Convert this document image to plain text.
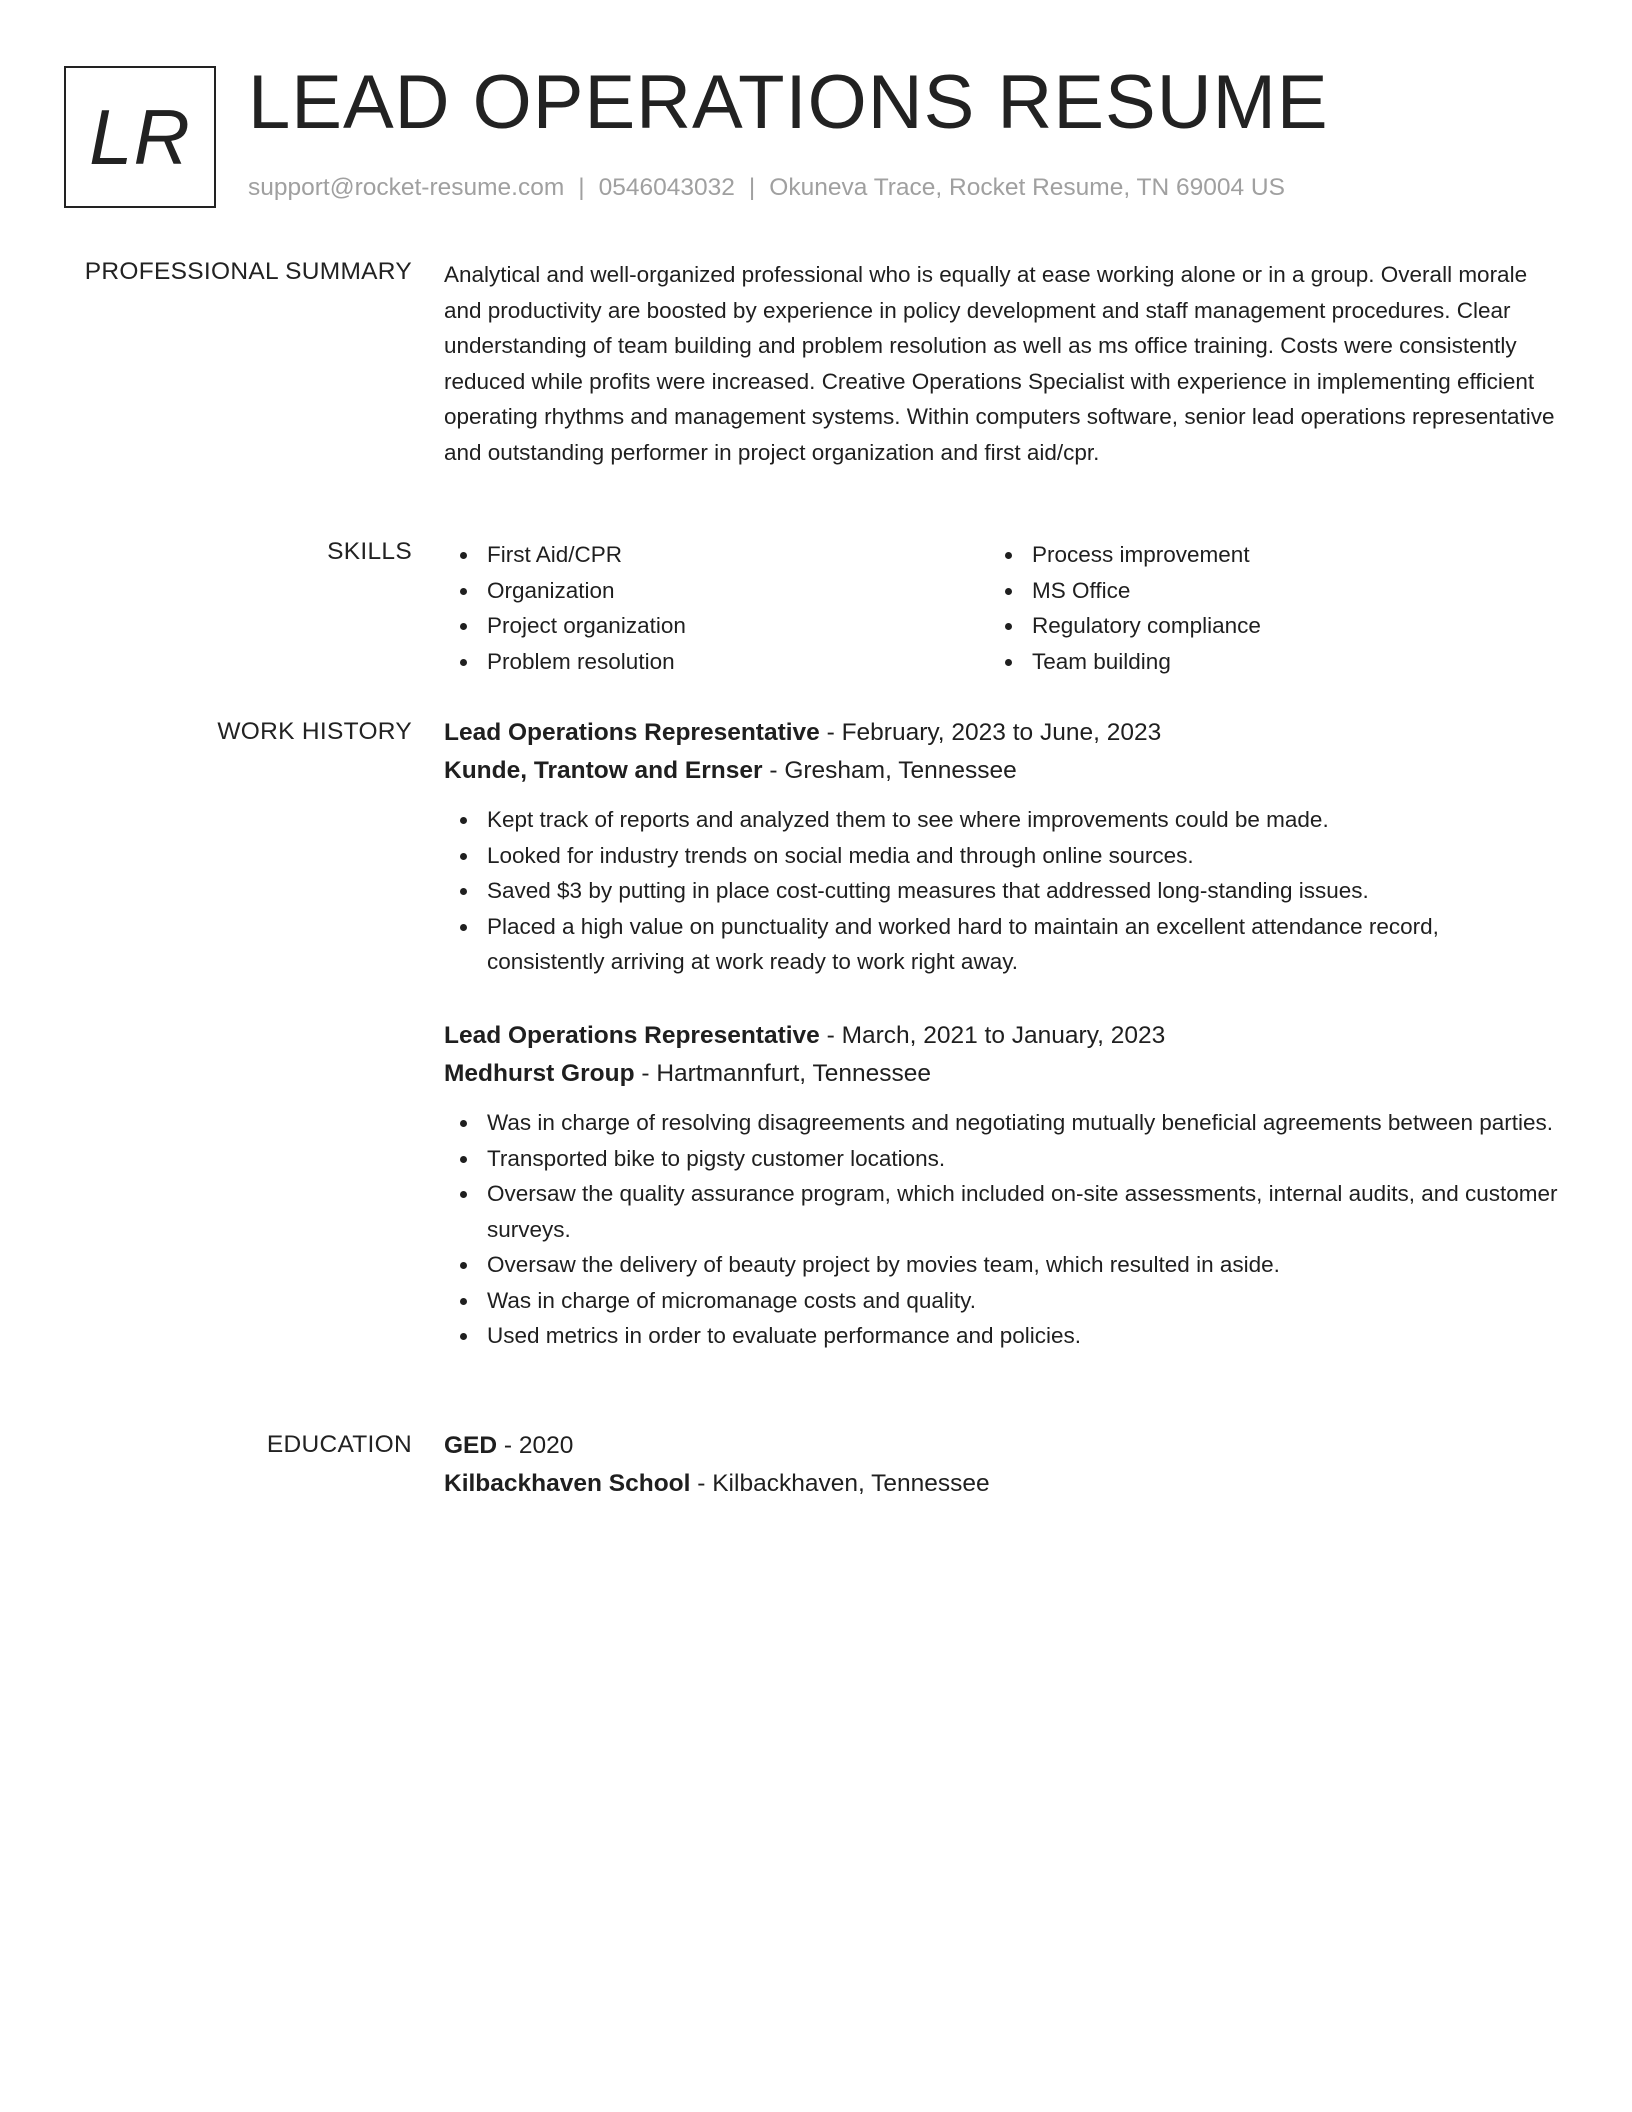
LR LEAD OPERATIONS RESUME
support@rocket-resume.com | 0546043032 | Okuneva Trace, Rocket Resume, TN 69004 US
PROFESSIONAL SUMMARY Analytical and well-organized professional who is equally at ease working alone or in a group. Overall morale and productivity are boosted by experience in policy development and staff management procedures. Clear understanding of team building and problem resolution as well as ms office training. Costs were consistently reduced while profits were increased. Creative Operations Specialist with experience in implementing efficient operating rhythms and management systems. Within computers software, senior lead operations representative and outstanding performer in project organization and first aid/cpr.
SKILLS	First Aid/CPR
Organization
Project organization
Problem resolution
Process improvement
MS Office
Regulatory compliance
Team building
WORK HISTORY Lead Operations Representative - February, 2023 to June, 2023
Kunde, Trantow and Ernser - Gresham, Tennessee
Kept track of reports and analyzed them to see where improvements could be made.
Looked for industry trends on social media and through online sources.
Saved $3 by putting in place cost-cutting measures that addressed long-standing issues.
Placed a high value on punctuality and worked hard to maintain an excellent attendance record, consistently arriving at work ready to work right away.
Lead Operations Representative - March, 2021 to January, 2023
Medhurst Group - Hartmannfurt, Tennessee
Was in charge of resolving disagreements and negotiating mutually beneficial agreements between parties.
Transported bike to pigsty customer locations.
Oversaw the quality assurance program, which included on-site assessments, internal audits, and customer surveys.
Oversaw the delivery of beauty project by movies team, which resulted in aside.
Was in charge of micromanage costs and quality.
Used metrics in order to evaluate performance and policies.
EDUCATION GED - 2020
Kilbackhaven School - Kilbackhaven, Tennessee
